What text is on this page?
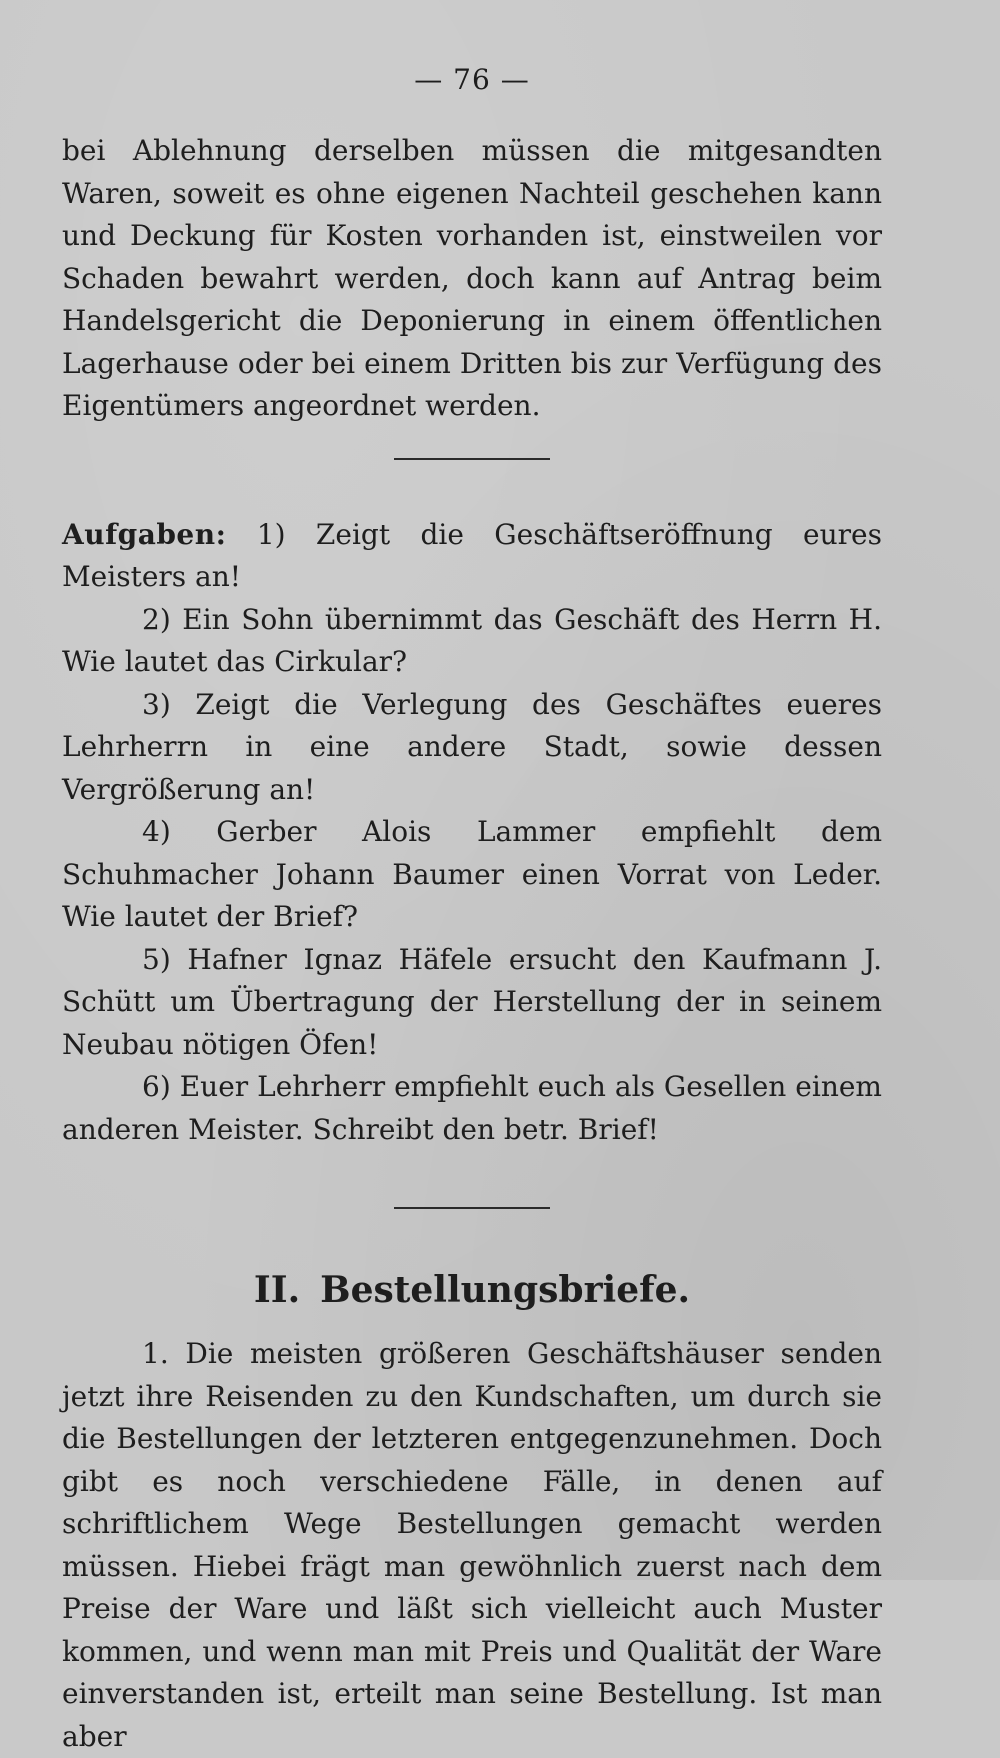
— 76 —

bei Ablehnung derselben müssen die mitgesandten Waren, soweit es ohne eigenen Nachteil geschehen kann und Deckung für Kosten vorhanden ist, einstweilen vor Schaden bewahrt werden, doch kann auf Antrag beim Handelsgericht die Deponierung in einem öffentlichen Lagerhause oder bei einem Dritten bis zur Verfügung des Eigentümers angeordnet werden.

Aufgaben: 1) Zeigt die Geschäftseröffnung eures Meisters an!

2) Ein Sohn übernimmt das Geschäft des Herrn H. Wie lautet das Cirkular?

3) Zeigt die Verlegung des Geschäftes eueres Lehrherrn in eine andere Stadt, sowie dessen Vergrößerung an!

4) Gerber Alois Lammer empfiehlt dem Schuhmacher Johann Baumer einen Vorrat von Leder. Wie lautet der Brief?

5) Hafner Ignaz Häfele ersucht den Kaufmann J. Schütt um Übertragung der Herstellung der in seinem Neubau nötigen Öfen!

6) Euer Lehrherr empfiehlt euch als Gesellen einem anderen Meister. Schreibt den betr. Brief!

II. Bestellungsbriefe.

1. Die meisten größeren Geschäftshäuser senden jetzt ihre Reisenden zu den Kundschaften, um durch sie die Bestellungen der letzteren entgegenzunehmen. Doch gibt es noch verschiedene Fälle, in denen auf schriftlichem Wege Bestellungen gemacht werden müssen. Hiebei frägt man gewöhnlich zuerst nach dem Preise der Ware und läßt sich vielleicht auch Muster kommen, und wenn man mit Preis und Qualität der Ware einverstanden ist, erteilt man seine Bestellung. Ist man aber
